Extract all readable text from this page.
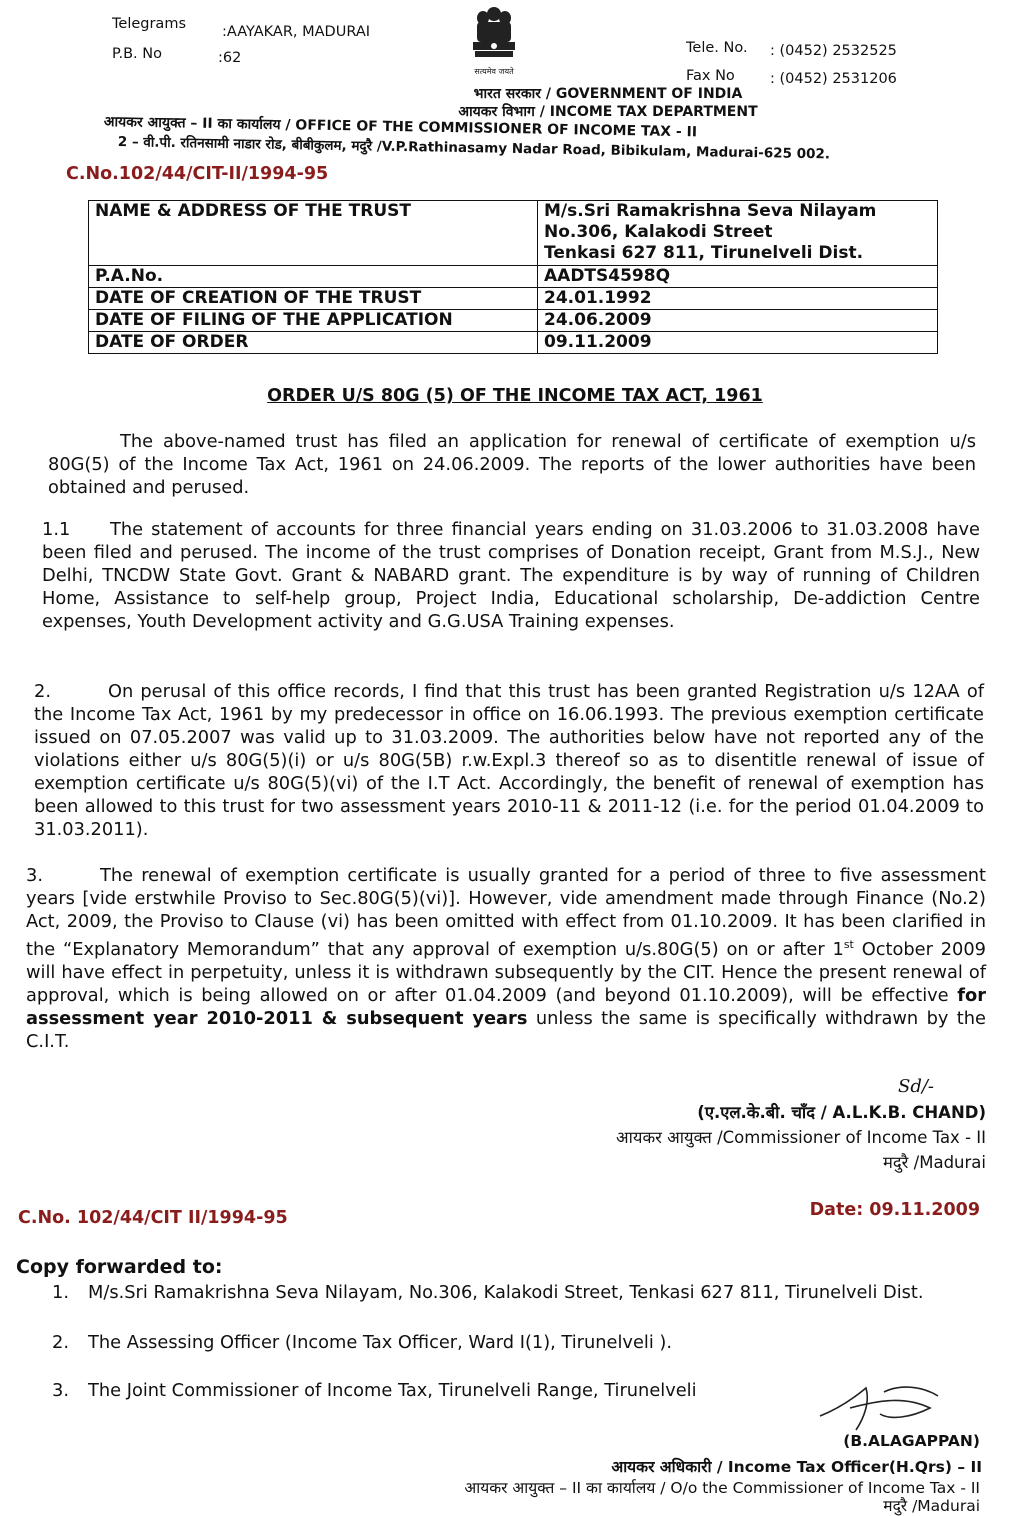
Telegrams :AAYAKAR, MADURAI
P.B. No	:62
Tele. No. : (0452) 2532525
Fax No : (0452) 2531206
सत्यमेव जयते
भारत सरकार / GOVERNMENT OF INDIA
आयकर विभाग / INCOME TAX DEPARTMENT
आयकर आयुक्त – II का कार्यालय / OFFICE OF THE COMMISSIONER OF INCOME TAX - II
2 – वी.पी. रतिनसामी नाडार रोड, बीबीकुलम, मदुरै /V.P.Rathinasamy Nadar Road, Bibikulam, Madurai-625 002.
C.No.102/44/CIT-II/1994-95
NAME & ADDRESS OF THE TRUST	M/s.Sri Ramakrishna Seva Nilayam
No.306, Kalakodi Street
Tenkasi 627 811, Tirunelveli Dist.

P.A.No.	AADTS4598Q
DATE OF CREATION OF THE TRUST	24.01.1992
DATE OF FILING OF THE APPLICATION	24.06.2009
DATE OF ORDER	09.11.2009
ORDER U/S 80G (5) OF THE INCOME TAX ACT, 1961
The above-named trust has filed an application for renewal of certificate of exemption u/s 80G(5) of the Income Tax Act, 1961 on 24.06.2009. The reports of the lower authorities have been obtained and perused.
1.1 The statement of accounts for three financial years ending on 31.03.2006 to 31.03.2008 have been filed and perused. The income of the trust comprises of Donation receipt, Grant from M.S.J., New Delhi, TNCDW State Govt. Grant & NABARD grant. The expenditure is by way of running of Children Home, Assistance to self-help group, Project India, Educational scholarship, De-addiction Centre expenses, Youth Development activity and G.G.USA Training expenses.
2.	On perusal of this office records, I find that this trust has been granted Registration u/s 12AA of the Income Tax Act, 1961 by my predecessor in office on 16.06.1993. The previous exemption certificate issued on 07.05.2007 was valid up to 31.03.2009. The authorities below have not reported any of the violations either u/s 80G(5)(i) or u/s 80G(5B) r.w.Expl.3 thereof so as to disentitle renewal of issue of exemption certificate u/s 80G(5)(vi) of the I.T Act. Accordingly, the benefit of renewal of exemption has been allowed to this trust for two assessment years 2010-11 & 2011-12 (i.e. for the period 01.04.2009 to 31.03.2011).
3.	The renewal of exemption certificate is usually granted for a period of three to five assessment years [vide erstwhile Proviso to Sec.80G(5)(vi)]. However, vide amendment made through Finance (No.2) Act, 2009, the Proviso to Clause (vi) has been omitted with effect from 01.10.2009. It has been clarified in the “Explanatory Memorandum” that any approval of exemption u/s.80G(5) on or after 1st October 2009 will have effect in perpetuity, unless it is withdrawn subsequently by the CIT. Hence the present renewal of approval, which is being allowed on or after 01.04.2009 (and beyond 01.10.2009), will be effective for assessment year 2010-2011 & subsequent years unless the same is specifically withdrawn by the C.I.T.
Sd/-
(ए.एल.के.बी. चाँद / A.L.K.B. CHAND)
आयकर आयुक्त /Commissioner of Income Tax - II
मदुरै /Madurai
C.No. 102/44/CIT II/1994-95	Date: 09.11.2009
Copy forwarded to:
1. M/s.Sri Ramakrishna Seva Nilayam, No.306, Kalakodi Street, Tenkasi 627 811, Tirunelveli Dist.
2. The Assessing Officer (Income Tax Officer, Ward I(1), Tirunelveli ).
3. The Joint Commissioner of Income Tax, Tirunelveli Range, Tirunelveli
(B.ALAGAPPAN)
आयकर अधिकारी / Income Tax Officer(H.Qrs) – II
आयकर आयुक्त – II का कार्यालय / O/o the Commissioner of Income Tax - II
मदुरै /Madurai
